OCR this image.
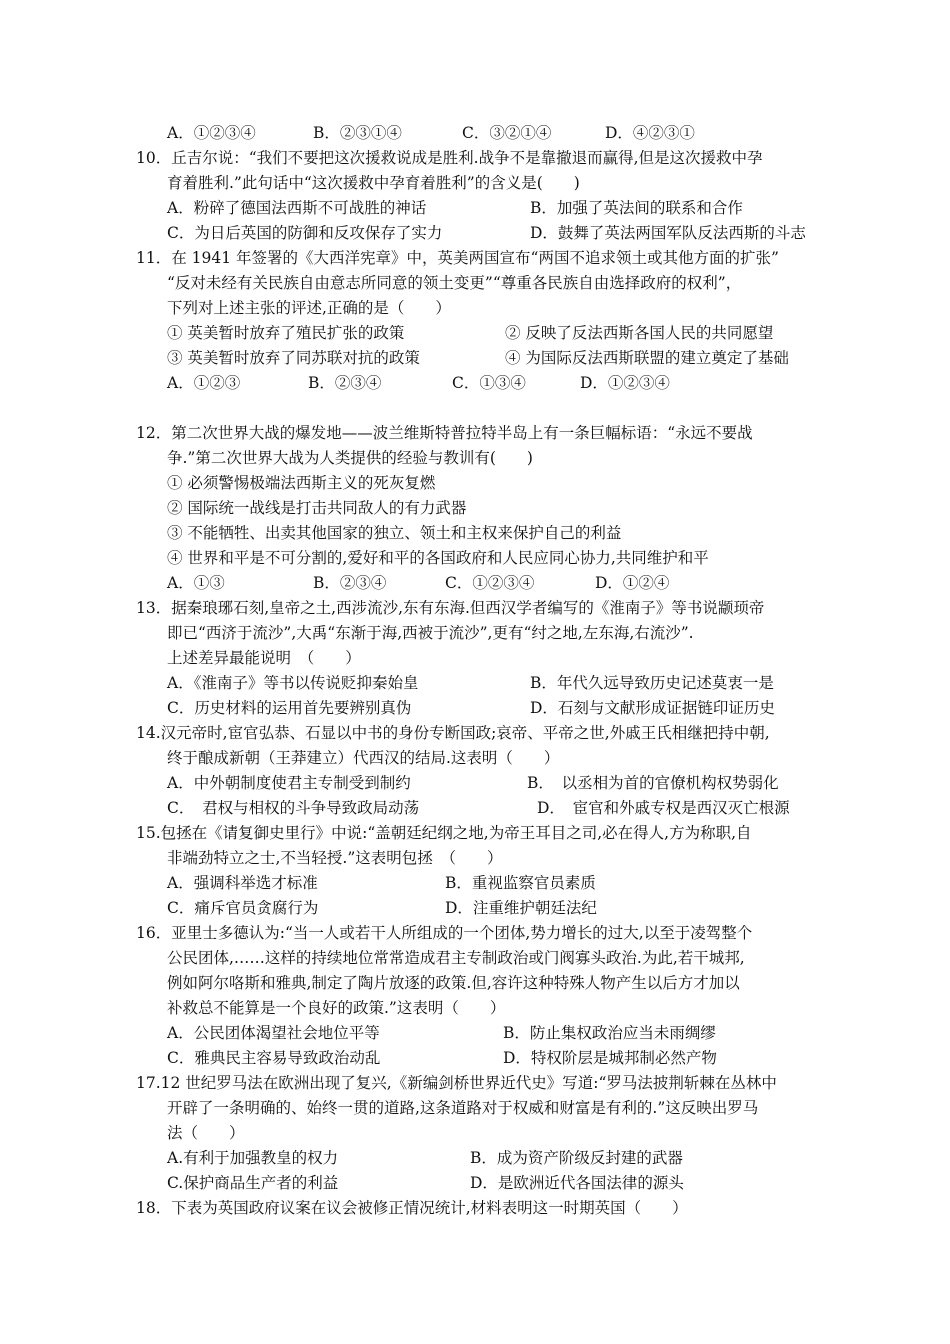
A．①②③④	B．②③①④	C．③②①④	D．④②③①
10．丘吉尔说：“我们不要把这次援救说成是胜利.战争不是靠撤退而赢得,但是这次援救中孕
育着胜利.”此句话中“这次援救中孕育着胜利”的含义是(　　)
A．粉碎了德国法西斯不可战胜的神话	B．加强了英法间的联系和合作
C．为日后英国的防御和反攻保存了实力	D．鼓舞了英法两国军队反法西斯的斗志
11．在 1941 年签署的《大西洋宪章》中，英美两国宣布“两国不追求领土或其他方面的扩张”
“反对未经有关民族自由意志所同意的领土变更”“尊重各民族自由选择政府的权利”，
下列对上述主张的评述,正确的是（　　）
① 英美暂时放弃了殖民扩张的政策	② 反映了反法西斯各国人民的共同愿望
③ 英美暂时放弃了同苏联对抗的政策	④ 为国际反法西斯联盟的建立奠定了基础
A．①②③	B．②③④	C．①③④	D．①②③④
12．第二次世界大战的爆发地——波兰维斯特普拉特半岛上有一条巨幅标语：“永远不要战
争.”第二次世界大战为人类提供的经验与教训有(　　)
① 必须警惕极端法西斯主义的死灰复燃
② 国际统一战线是打击共同敌人的有力武器
③ 不能牺牲、出卖其他国家的独立、领土和主权来保护自己的利益
④ 世界和平是不可分割的,爱好和平的各国政府和人民应同心协力,共同维护和平
A．①③	B．②③④	C．①②③④	D．①②④
13．据秦琅琊石刻,皇帝之土,西涉流沙,东有东海.但西汉学者编写的《淮南子》等书说颛顼帝
即已“西济于流沙”,大禹“东渐于海,西被于流沙”,更有“纣之地,左东海,右流沙”.
上述差异最能说明　（　　）
A．《淮南子》等书以传说贬抑秦始皇	B．年代久远导致历史记述莫衷一是
C．历史材料的运用首先要辨别真伪	D．石刻与文献形成证据链印证历史
14.汉元帝时,宦官弘恭、石显以中书的身份专断国政;哀帝、平帝之世,外戚王氏相继把持中朝,
终于酿成新朝（王莽建立）代西汉的结局.这表明（　　）
A．中外朝制度使君主专制受到制约	B．　以丞相为首的官僚机构权势弱化
C．　君权与相权的斗争导致政局动荡	D．　宦官和外戚专权是西汉灭亡根源
15.包拯在《请复御史里行》中说:“盖朝廷纪纲之地,为帝王耳目之司,必在得人,方为称职,自
非端劲特立之士,不当轻授.”这表明包拯　（　　）
A．强调科举选才标准	B．重视监察官员素质
C．痛斥官员贪腐行为	D．注重维护朝廷法纪
16．亚里士多德认为:“当一人或若干人所组成的一个团体,势力增长的过大,以至于凌驾整个
公民团体,……这样的持续地位常常造成君主专制政治或门阀寡头政治.为此,若干城邦,
例如阿尔咯斯和雅典,制定了陶片放逐的政策.但,容许这种特殊人物产生以后方才加以
补救总不能算是一个良好的政策.”这表明（　　）
A．公民团体渴望社会地位平等	B．防止集权政治应当未雨绸缪
C．雅典民主容易导致政治动乱	D．特权阶层是城邦制必然产物
17.12 世纪罗马法在欧洲出现了复兴,《新编剑桥世界近代史》写道:“罗马法披荆斩棘在丛林中
开辟了一条明确的、始终一贯的道路,这条道路对于权威和财富是有利的.”这反映出罗马
法（　　）
A.有利于加强教皇的权力	B．成为资产阶级反封建的武器
C.保护商品生产者的利益	D．是欧洲近代各国法律的源头
18．下表为英国政府议案在议会被修正情况统计,材料表明这一时期英国（　　）
